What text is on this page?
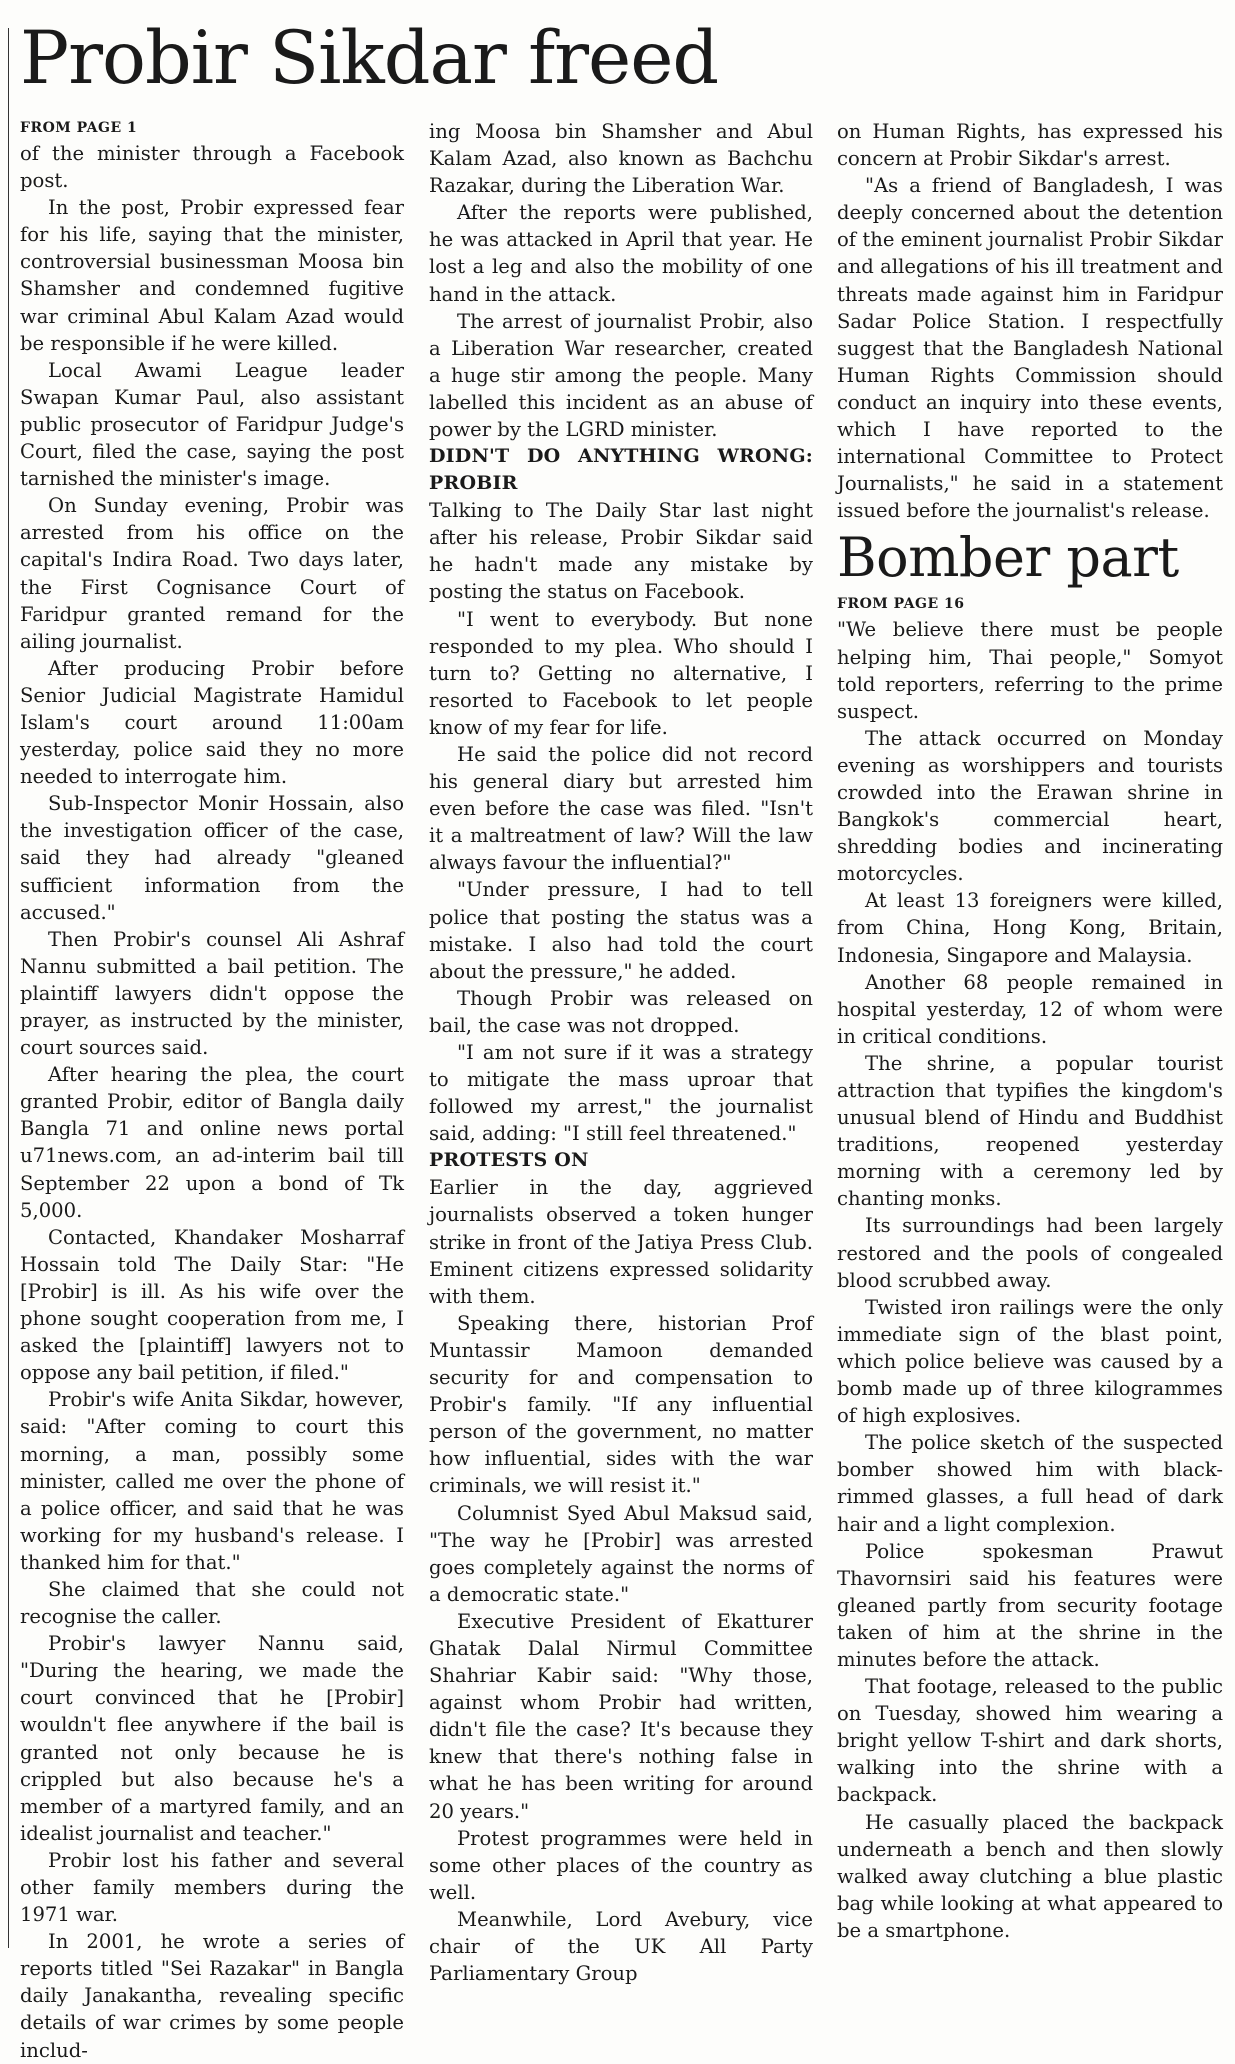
Probir Sikdar freed
FROM PAGE 1

of the minister through a Facebook post.

In the post, Probir expressed fear for his life, saying that the minister, controversial businessman Moosa bin Shamsher and condemned fugitive war criminal Abul Kalam Azad would be responsible if he were killed.

Local Awami League leader Swapan Kumar Paul, also assistant public prosecutor of Faridpur Judge's Court, filed the case, saying the post tarnished the minister's image.

On Sunday evening, Probir was arrested from his office on the capital's Indira Road. Two days later, the First Cognisance Court of Faridpur granted remand for the ailing journalist.

After producing Probir before Senior Judicial Magistrate Hamidul Islam's court around 11:00am yesterday, police said they no more needed to interrogate him.

Sub-Inspector Monir Hossain, also the investigation officer of the case, said they had already "gleaned sufficient information from the accused."

Then Probir's counsel Ali Ashraf Nannu submitted a bail petition. The plaintiff lawyers didn't oppose the prayer, as instructed by the minister, court sources said.

After hearing the plea, the court granted Probir, editor of Bangla daily Bangla 71 and online news portal u71news.com, an ad-interim bail till September 22 upon a bond of Tk 5,000.

Contacted, Khandaker Mosharraf Hossain told The Daily Star: "He [Probir] is ill. As his wife over the phone sought cooperation from me, I asked the [plaintiff] lawyers not to oppose any bail petition, if filed."

Probir's wife Anita Sikdar, however, said: "After coming to court this morning, a man, possibly some minister, called me over the phone of a police officer, and said that he was working for my husband's release. I thanked him for that."

She claimed that she could not recognise the caller.

Probir's lawyer Nannu said, "During the hearing, we made the court convinced that he [Probir] wouldn't flee anywhere if the bail is granted not only because he is crippled but also because he's a member of a martyred family, and an idealist journalist and teacher."

Probir lost his father and several other family members during the 1971 war.

In 2001, he wrote a series of reports titled "Sei Razakar" in Bangla daily Janakantha, revealing specific details of war crimes by some people includ-

ing Moosa bin Shamsher and Abul Kalam Azad, also known as Bachchu Razakar, during the Liberation War.

After the reports were published, he was attacked in April that year. He lost a leg and also the mobility of one hand in the attack.

The arrest of journalist Probir, also a Liberation War researcher, created a huge stir among the people. Many labelled this incident as an abuse of power by the LGRD minister.

DIDN'T DO ANYTHING WRONG: PROBIR

Talking to The Daily Star last night after his release, Probir Sikdar said he hadn't made any mistake by posting the status on Facebook.

"I went to everybody. But none responded to my plea. Who should I turn to? Getting no alternative, I resorted to Facebook to let people know of my fear for life.

He said the police did not record his general diary but arrested him even before the case was filed. "Isn't it a maltreatment of law? Will the law always favour the influential?"

"Under pressure, I had to tell police that posting the status was a mistake. I also had told the court about the pressure," he added.

Though Probir was released on bail, the case was not dropped.

"I am not sure if it was a strategy to mitigate the mass uproar that followed my arrest," the journalist said, adding: "I still feel threatened."

PROTESTS ON

Earlier in the day, aggrieved journalists observed a token hunger strike in front of the Jatiya Press Club. Eminent citizens expressed solidarity with them.

Speaking there, historian Prof Muntassir Mamoon demanded security for and compensation to Probir's family. "If any influential person of the government, no matter how influential, sides with the war criminals, we will resist it."

Columnist Syed Abul Maksud said, "The way he [Probir] was arrested goes completely against the norms of a democratic state."

Executive President of Ekatturer Ghatak Dalal Nirmul Committee Shahriar Kabir said: "Why those, against whom Probir had written, didn't file the case? It's because they knew that there's nothing false in what he has been writing for around 20 years."

Protest programmes were held in some other places of the country as well.

Meanwhile, Lord Avebury, vice chair of the UK All Party Parliamentary Group

on Human Rights, has expressed his concern at Probir Sikdar's arrest.

"As a friend of Bangladesh, I was deeply concerned about the detention of the eminent journalist Probir Sikdar and allegations of his ill treatment and threats made against him in Faridpur Sadar Police Station. I respectfully suggest that the Bangladesh National Human Rights Commission should conduct an inquiry into these events, which I have reported to the international Committee to Protect Journalists," he said in a statement issued before the journalist's release.

Bomber part
FROM PAGE 16

"We believe there must be people helping him, Thai people," Somyot told reporters, referring to the prime suspect.

The attack occurred on Monday evening as worshippers and tourists crowded into the Erawan shrine in Bangkok's commercial heart, shredding bodies and incinerating motorcycles.

At least 13 foreigners were killed, from China, Hong Kong, Britain, Indonesia, Singapore and Malaysia.

Another 68 people remained in hospital yesterday, 12 of whom were in critical conditions.

The shrine, a popular tourist attraction that typifies the kingdom's unusual blend of Hindu and Buddhist traditions, reopened yesterday morning with a ceremony led by chanting monks.

Its surroundings had been largely restored and the pools of congealed blood scrubbed away.

Twisted iron railings were the only immediate sign of the blast point, which police believe was caused by a bomb made up of three kilogrammes of high explosives.

The police sketch of the suspected bomber showed him with black-rimmed glasses, a full head of dark hair and a light complexion.

Police spokesman Prawut Thavornsiri said his features were gleaned partly from security footage taken of him at the shrine in the minutes before the attack.

That footage, released to the public on Tuesday, showed him wearing a bright yellow T-shirt and dark shorts, walking into the shrine with a backpack.

He casually placed the backpack underneath a bench and then slowly walked away clutching a blue plastic bag while looking at what appeared to be a smartphone.
